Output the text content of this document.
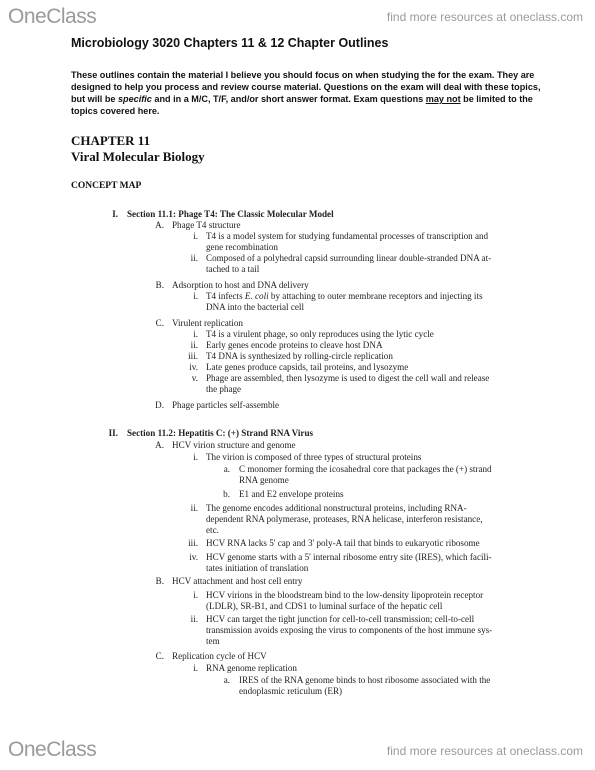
OneClass	find more resources at oneclass.com
Microbiology 3020 Chapters 11 & 12 Chapter Outlines
These outlines contain the material I believe you should focus on when studying the for the exam. They are designed to help you process and review course material. Questions on the exam will deal with these topics, but will be specific and in a M/C, T/F, and/or short answer format. Exam questions may not be limited to the topics covered here.
CHAPTER 11
Viral Molecular Biology
CONCEPT MAP
I. Section 11.1: Phage T4: The Classic Molecular Model
A. Phage T4 structure
i. T4 is a model system for studying fundamental processes of transcription and
gene recombination
ii. Composed of a polyhedral capsid surrounding linear double-stranded DNA at-
tached to a tail
B. Adsorption to host and DNA delivery
i. T4 infects E. coli by attaching to outer membrane receptors and injecting its
DNA into the bacterial cell
C. Virulent replication
i. T4 is a virulent phage, so only reproduces using the lytic cycle
ii. Early genes encode proteins to cleave host DNA
iii. T4 DNA is synthesized by rolling-circle replication
iv. Late genes produce capsids, tail proteins, and lysozyme
v. Phage are assembled, then lysozyme is used to digest the cell wall and release
the phage
D. Phage particles self-assemble
II. Section 11.2: Hepatitis C: (+) Strand RNA Virus
A. HCV virion structure and genome
i. The virion is composed of three types of structural proteins
a. C monomer forming the icosahedral core that packages the (+) strand
RNA genome
b. E1 and E2 envelope proteins
ii. The genome encodes additional nonstructural proteins, including RNA-
dependent RNA polymerase, proteases, RNA helicase, interferon resistance,
etc.
iii. HCV RNA lacks 5' cap and 3' poly-A tail that binds to eukaryotic ribosome
iv. HCV genome starts with a 5' internal ribosome entry site (IRES), which facili-
tates initiation of translation
B. HCV attachment and host cell entry
i. HCV virions in the bloodstream bind to the low-density lipoprotein receptor
(LDLR), SR-B1, and CDS1 to luminal surface of the hepatic cell
ii. HCV can target the tight junction for cell-to-cell transmission; cell-to-cell
transmission avoids exposing the virus to components of the host immune sys-
tem
C. Replication cycle of HCV
i. RNA genome replication
a. IRES of the RNA genome binds to host ribosome associated with the
endoplasmic reticulum (ER)
OneClass	find more resources at oneclass.com
